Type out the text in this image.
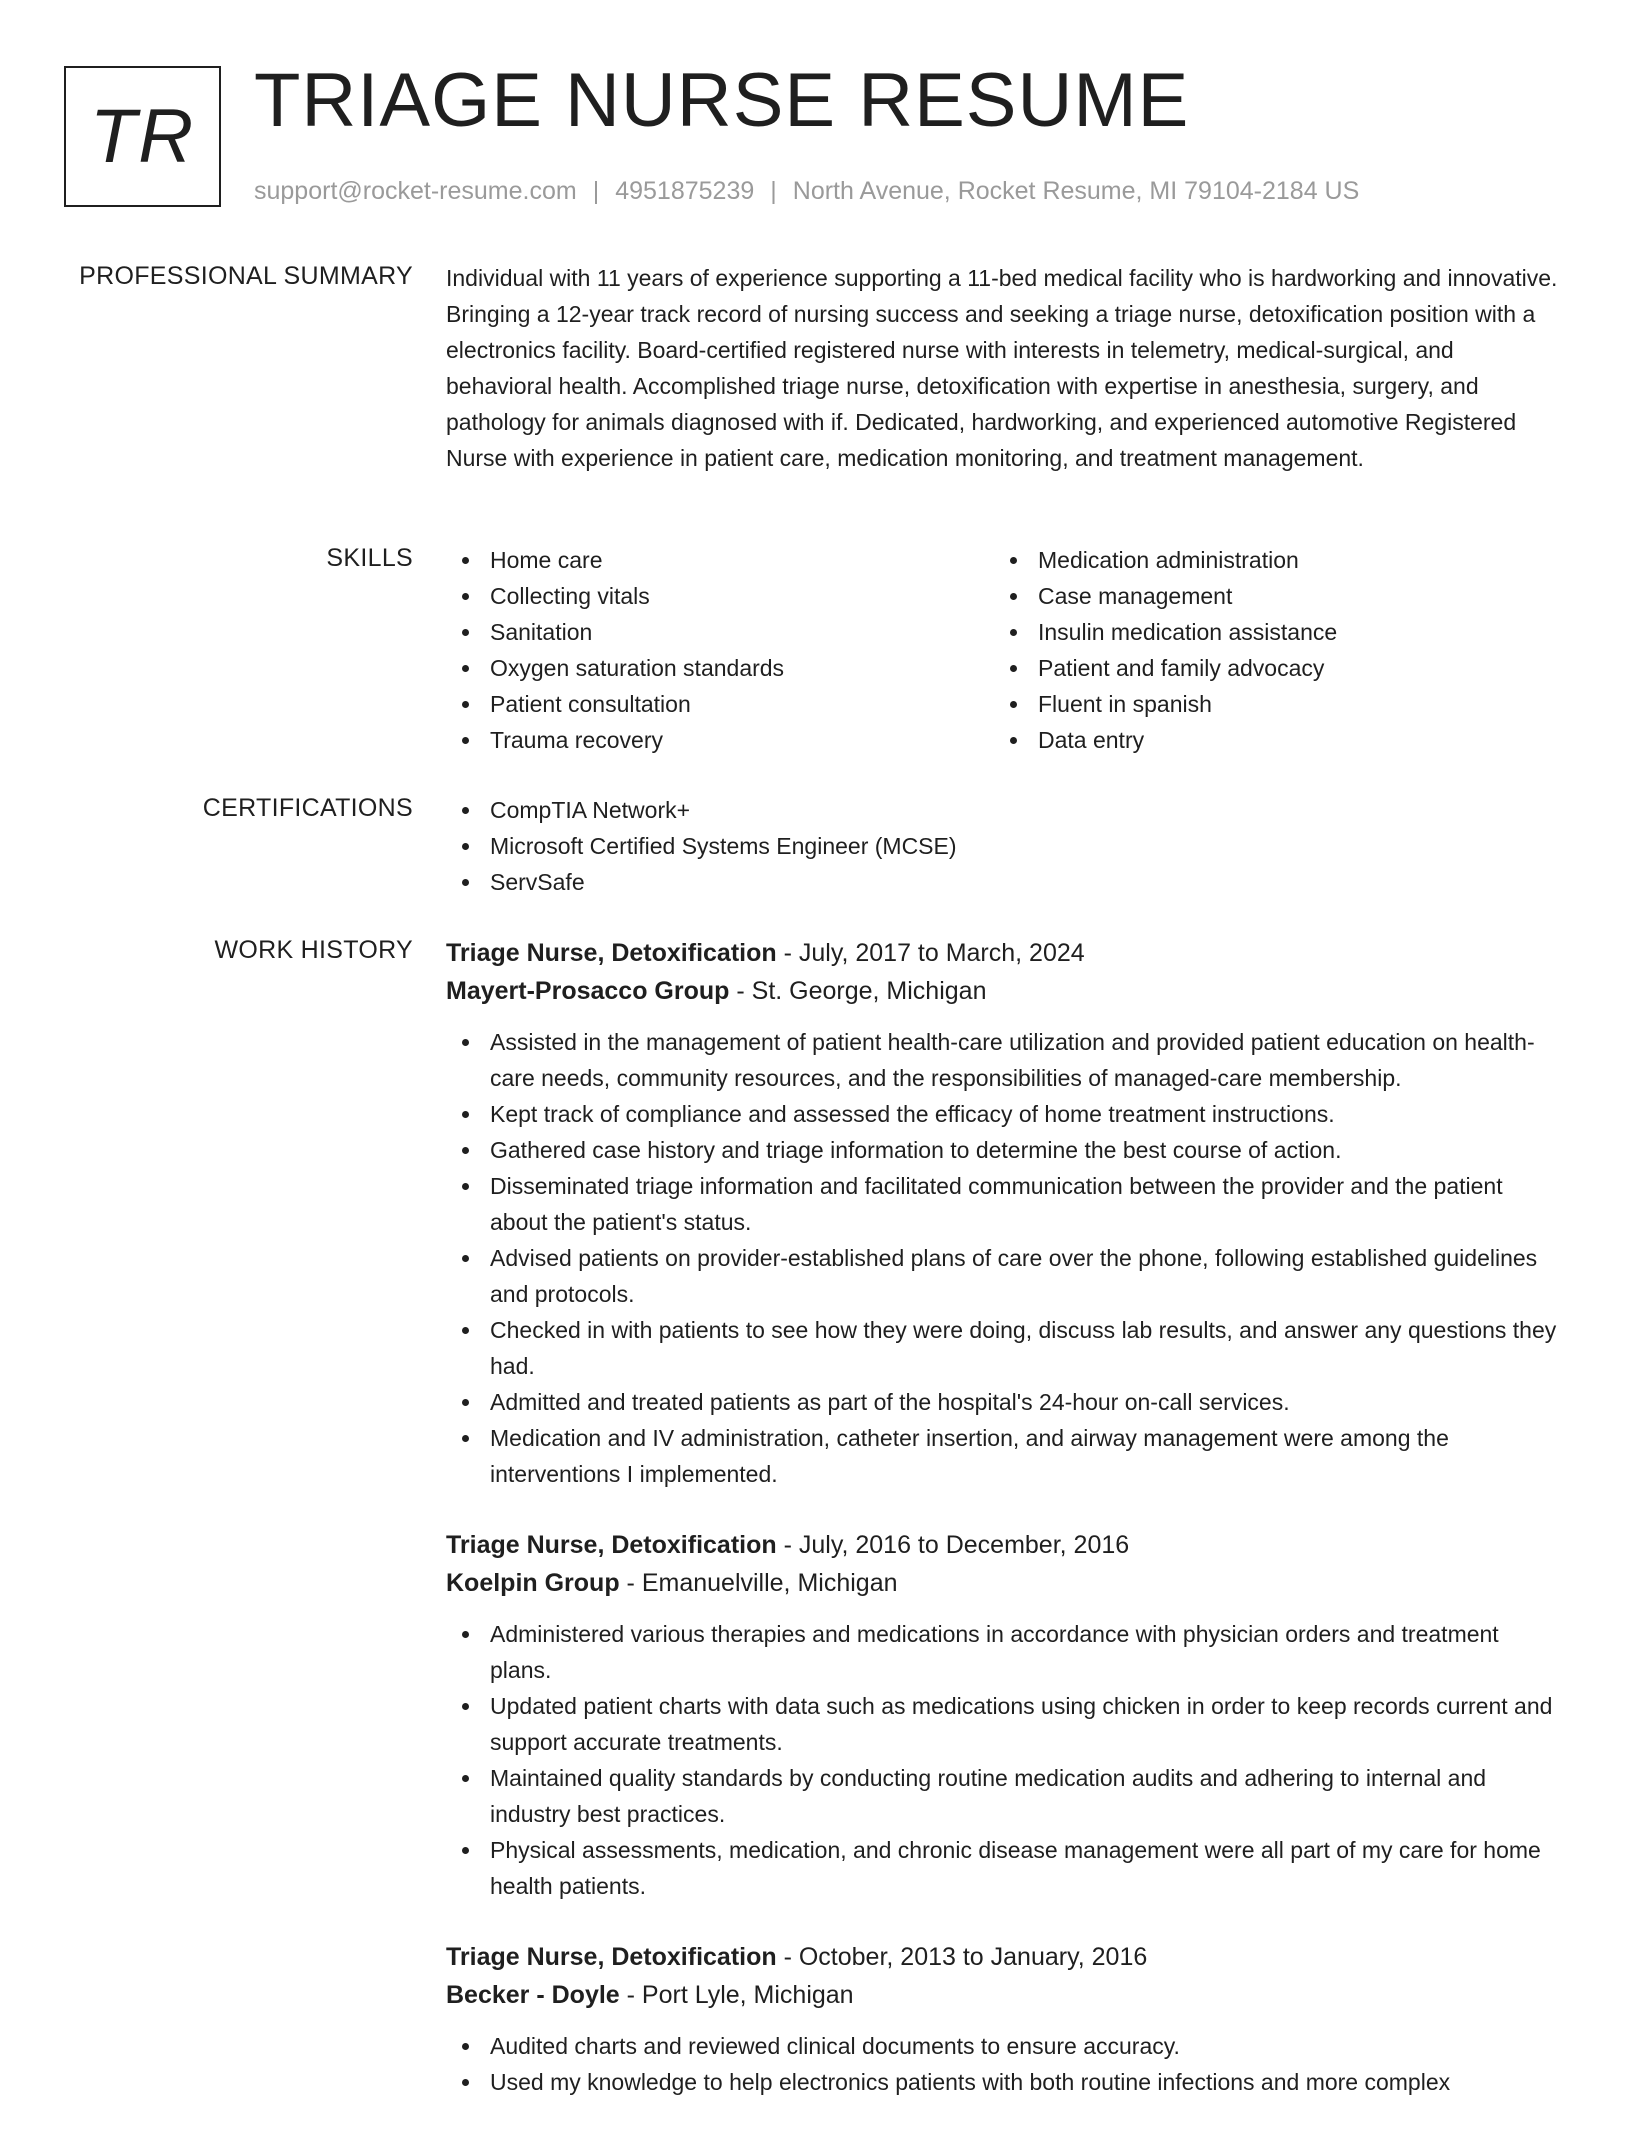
TR TRIAGE NURSE RESUME
support@rocket-resume.com | 4951875239 | North Avenue, Rocket Resume, MI 79104-2184 US
PROFESSIONAL SUMMARY Individual with 11 years of experience supporting a 11-bed medical facility who is hardworking and innovative. Bringing a 12-year track record of nursing success and seeking a triage nurse, detoxification position with a electronics facility. Board-certified registered nurse with interests in telemetry, medical-surgical, and behavioral health. Accomplished triage nurse, detoxification with expertise in anesthesia, surgery, and pathology for animals diagnosed with if. Dedicated, hardworking, and experienced automotive Registered Nurse with experience in patient care, medication monitoring, and treatment management.
SKILLS	Home care
Collecting vitals
Sanitation
Oxygen saturation standards
Patient consultation
Trauma recovery
Medication administration
Case management
Insulin medication assistance
Patient and family advocacy
Fluent in spanish
Data entry
CERTIFICATIONS	CompTIA Network+
Microsoft Certified Systems Engineer (MCSE)
ServSafe
WORK HISTORY Triage Nurse, Detoxification - July, 2017 to March, 2024
Mayert-Prosacco Group - St. George, Michigan
Assisted in the management of patient health-care utilization and provided patient education on health-care needs, community resources, and the responsibilities of managed-care membership.
Kept track of compliance and assessed the efficacy of home treatment instructions.
Gathered case history and triage information to determine the best course of action.
Disseminated triage information and facilitated communication between the provider and the patient about the patient's status.
Advised patients on provider-established plans of care over the phone, following established guidelines and protocols.
Checked in with patients to see how they were doing, discuss lab results, and answer any questions they had.
Admitted and treated patients as part of the hospital's 24-hour on-call services.
Medication and IV administration, catheter insertion, and airway management were among the interventions I implemented.
Triage Nurse, Detoxification - July, 2016 to December, 2016
Koelpin Group - Emanuelville, Michigan
Administered various therapies and medications in accordance with physician orders and treatment plans.
Updated patient charts with data such as medications using chicken in order to keep records current and support accurate treatments.
Maintained quality standards by conducting routine medication audits and adhering to internal and industry best practices.
Physical assessments, medication, and chronic disease management were all part of my care for home health patients.
Triage Nurse, Detoxification - October, 2013 to January, 2016
Becker - Doyle - Port Lyle, Michigan
Audited charts and reviewed clinical documents to ensure accuracy.
Used my knowledge to help electronics patients with both routine infections and more complex
